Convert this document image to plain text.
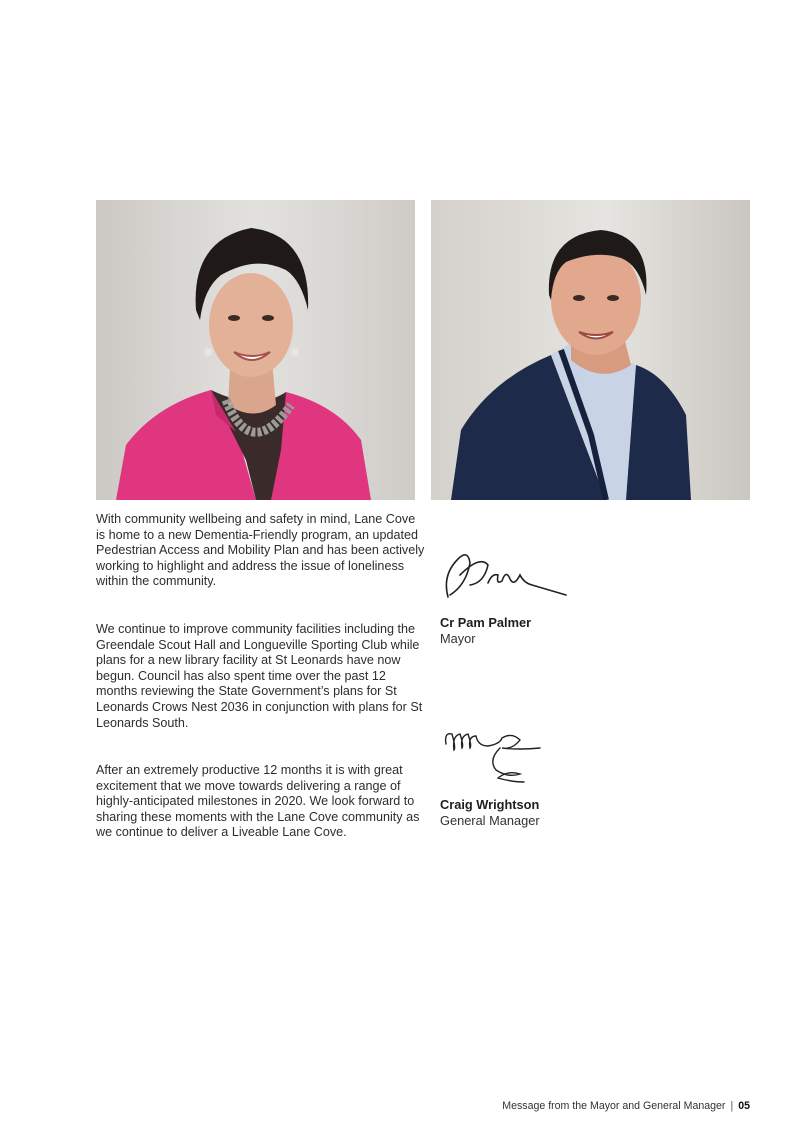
With community wellbeing and safety in mind, Lane Cove is home to a new Dementia-Friendly program, an updated Pedestrian Access and Mobility Plan and has been actively working to highlight and address the issue of loneliness within the community.

We continue to improve community facilities including the Greendale Scout Hall and Longueville Sporting Club while plans for a new library facility at St Leonards have now begun. Council has also spent time over the past 12 months reviewing the State Government’s plans for St Leonards Crows Nest 2036 in conjunction with plans for St Leonards South.

After an extremely productive 12 months it is with great excitement that we move towards delivering a range of highly-anticipated milestones in 2020. We look forward to sharing these moments with the Lane Cove community as we continue to deliver a Liveable Lane Cove.

Cr Pam Palmer

Mayor

Craig Wrightson

General Manager

Message from the Mayor and General Manager | 05
